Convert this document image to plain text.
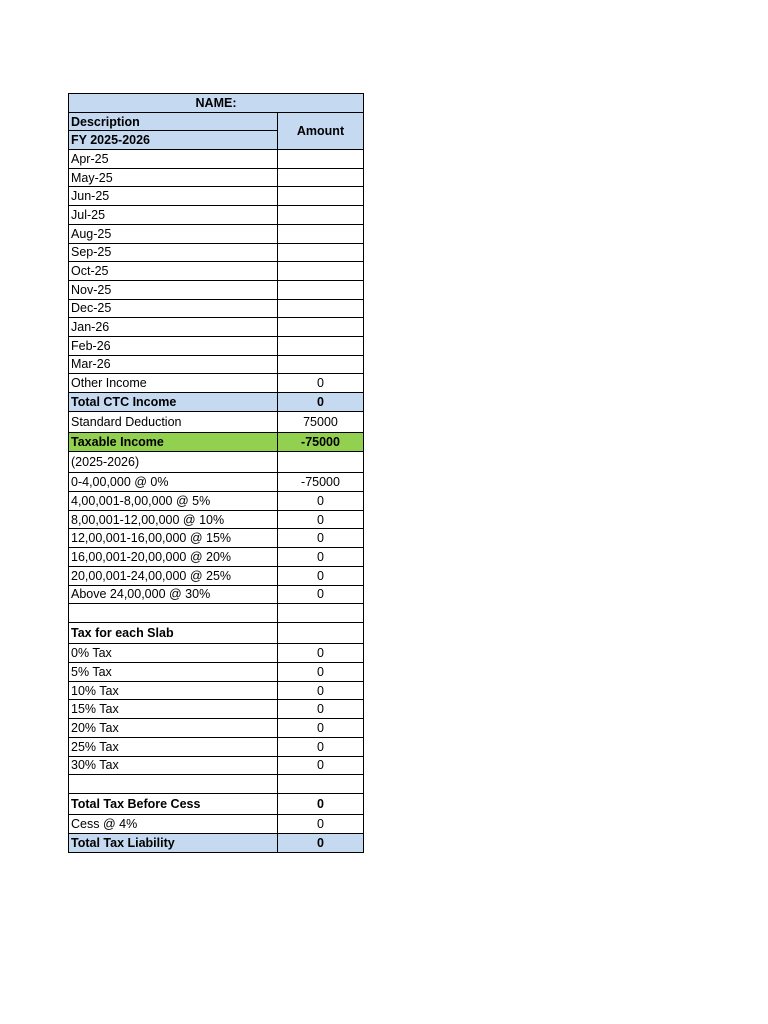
NAME:	
Description	Amount
FY 2025-2026	
Apr-25	
May-25	
Jun-25	
Jul-25	
Aug-25	
Sep-25	
Oct-25	
Nov-25	
Dec-25	
Jan-26	
Feb-26	
Mar-26	
Other Income	0
Total CTC Income	0
Standard Deduction	75000
Taxable Income	-75000
(2025-2026)	
0-4,00,000 @ 0%	-75000
4,00,001-8,00,000 @ 5%	0
8,00,001-12,00,000 @ 10%	0
12,00,001-16,00,000 @ 15%	0
16,00,001-20,00,000 @ 20%	0
20,00,001-24,00,000 @ 25%	0
Above 24,00,000 @ 30%	0

Tax for each Slab	
0% Tax	0
5% Tax	0
10% Tax	0
15% Tax	0
20% Tax	0
25% Tax	0
30% Tax	0

Total Tax Before Cess	0
Cess @ 4%	0
Total Tax Liability	0
